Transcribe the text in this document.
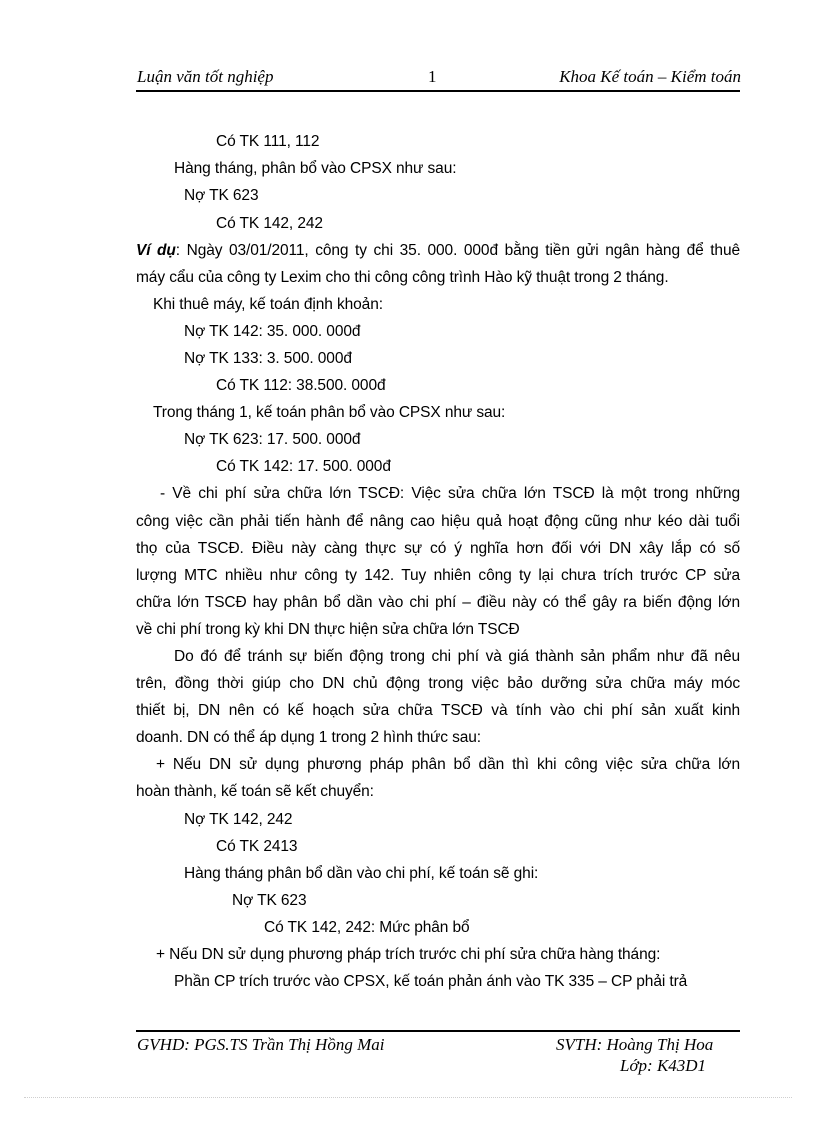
Luận văn tốt nghiệp	1	Khoa Kế toán – Kiểm toán
Có TK 111, 112
Hàng tháng, phân bổ vào CPSX như sau:
Nợ TK 623
Có TK 142, 242
Ví dụ: Ngày 03/01/2011, công ty chi 35. 000. 000đ bằng tiền gửi ngân hàng để thuê
máy cẩu của công ty Lexim cho thi công công trình Hào kỹ thuật trong 2 tháng.
Khi thuê máy, kế toán định khoản:
Nợ TK 142: 35. 000. 000đ
Nợ TK 133: 3. 500. 000đ
Có TK 112: 38.500. 000đ
Trong tháng 1, kế toán phân bổ vào CPSX như sau:
Nợ TK 623: 17. 500. 000đ
Có TK 142: 17. 500. 000đ
- Về chi phí sửa chữa lớn TSCĐ: Việc sửa chữa lớn TSCĐ là một trong những
công việc cần phải tiến hành để nâng cao hiệu quả hoạt động cũng như kéo dài tuổi
thọ của TSCĐ. Điều này càng thực sự có ý nghĩa hơn đối với DN xây lắp có số
lượng MTC nhiều như công ty 142. Tuy nhiên công ty lại chưa trích trước CP sửa
chữa lớn TSCĐ hay phân bổ dần vào chi phí – điều này có thể gây ra biến động lớn
về chi phí trong kỳ khi DN thực hiện sửa chữa lớn TSCĐ
Do đó để tránh sự biến động trong chi phí và giá thành sản phẩm như đã nêu
trên, đồng thời giúp cho DN chủ động trong việc bảo dưỡng sửa chữa máy móc
thiết bị, DN nên có kế hoạch sửa chữa TSCĐ và tính vào chi phí sản xuất kinh
doanh. DN có thể áp dụng 1 trong 2 hình thức sau:
+ Nếu DN sử dụng phương pháp phân bổ dần thì khi công việc sửa chữa lớn
hoàn thành, kế toán sẽ kết chuyển:
Nợ TK 142, 242
Có TK 2413
Hàng tháng phân bổ dần vào chi phí, kế toán sẽ ghi:
Nợ TK 623
Có TK 142, 242: Mức phân bổ
+ Nếu DN sử dụng phương pháp trích trước chi phí sửa chữa hàng tháng:
Phần CP trích trước vào CPSX, kế toán phản ánh vào TK 335 – CP phải trả
GVHD: PGS.TS Trần Thị Hồng Mai	SVTH: Hoàng Thị Hoa
Lớp: K43D1
